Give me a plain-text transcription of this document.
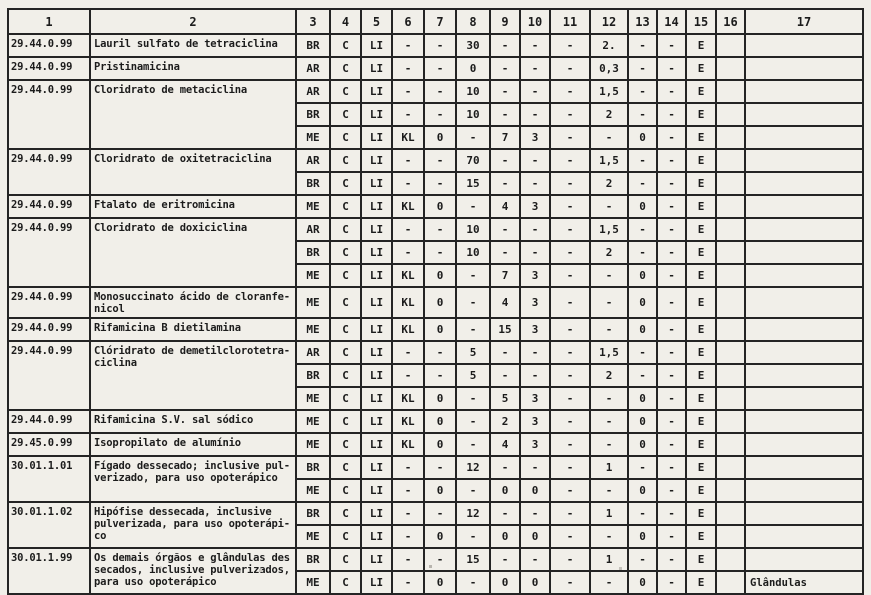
1	2	3	4	5	6	7	8	9	10	11	12	13	14	15	16	17
29.44.0.99	Lauril sulfato de tetraciclina	BR	C	LI	-	-	30	-	-	-	2.	-	-	E		
29.44.0.99	Pristinamicina	AR	C	LI	-	-	0	-	-	-	0,3	-	-	E		
29.44.0.99	Cloridrato de metaciclina	AR	C	LI	-	-	10	-	-	-	1,5	-	-	E		
		BR	C	LI	-	-	10	-	-	-	2	-	-	E		
		ME	C	LI	KL	0	-	7	3	-	-	0	-	E		
29.44.0.99	Cloridrato de oxitetraciclina	AR	C	LI	-	-	70	-	-	-	1,5	-	-	E		
		BR	C	LI	-	-	15	-	-	-	2	-	-	E		
29.44.0.99	Ftalato de eritromicina	ME	C	LI	KL	0	-	4	3	-	-	0	-	E		
29.44.0.99	Cloridrato de doxiciclina	AR	C	LI	-	-	10	-	-	-	1,5	-	-	E		
		BR	C	LI	-	-	10	-	-	-	2	-	-	E		
		ME	C	LI	KL	0	-	7	3	-	-	0	-	E		
29.44.0.99	Monosuccinato ácido de cloranfe-
nicol	ME	C	LI	KL	0	-	4	3	-	-	0	-	E		
29.44.0.99	Rifamicina B dietilamina	ME	C	LI	KL	0	-	15	3	-	-	0	-	E		
29.44.0.99	Clóridrato de demetilclorotetra-
ciclina	AR	C	LI	-	-	5	-	-	-	1,5	-	-	E		
		BR	C	LI	-	-	5	-	-	-	2	-	-	E		
		ME	C	LI	KL	0	-	5	3	-	-	0	-	E		
29.44.0.99	Rifamicina S.V. sal sódico	ME	C	LI	KL	0	-	2	3	-	-	0	-	E		
29.45.0.99	Isopropilato de alumínio	ME	C	LI	KL	0	-	4	3	-	-	0	-	E		
30.01.1.01	Fígado dessecado; inclusive pul-
verizado, para uso opoterápico	BR	C	LI	-	-	12	-	-	-	1	-	-	E		
		ME	C	LI	-	0	-	0	0	-	-	0	-	E		
30.01.1.02	Hipófise dessecada, inclusive
pulverizada, para uso opoterápi-
co	BR	C	LI	-	-	12	-	-	-	1	-	-	E		
		ME	C	LI	-	0	-	0	0	-	-	0	-	E		
30.01.1.99	Os demais órgãos e glândulas des
secados, inclusive pulverizados,
para uso opoterápico	BR	C	LI	-	-	15	-	-	-	1	-	-	E		
		ME	C	LI	-	0	-	0	0	-	-	0	-	E		Glândulas
